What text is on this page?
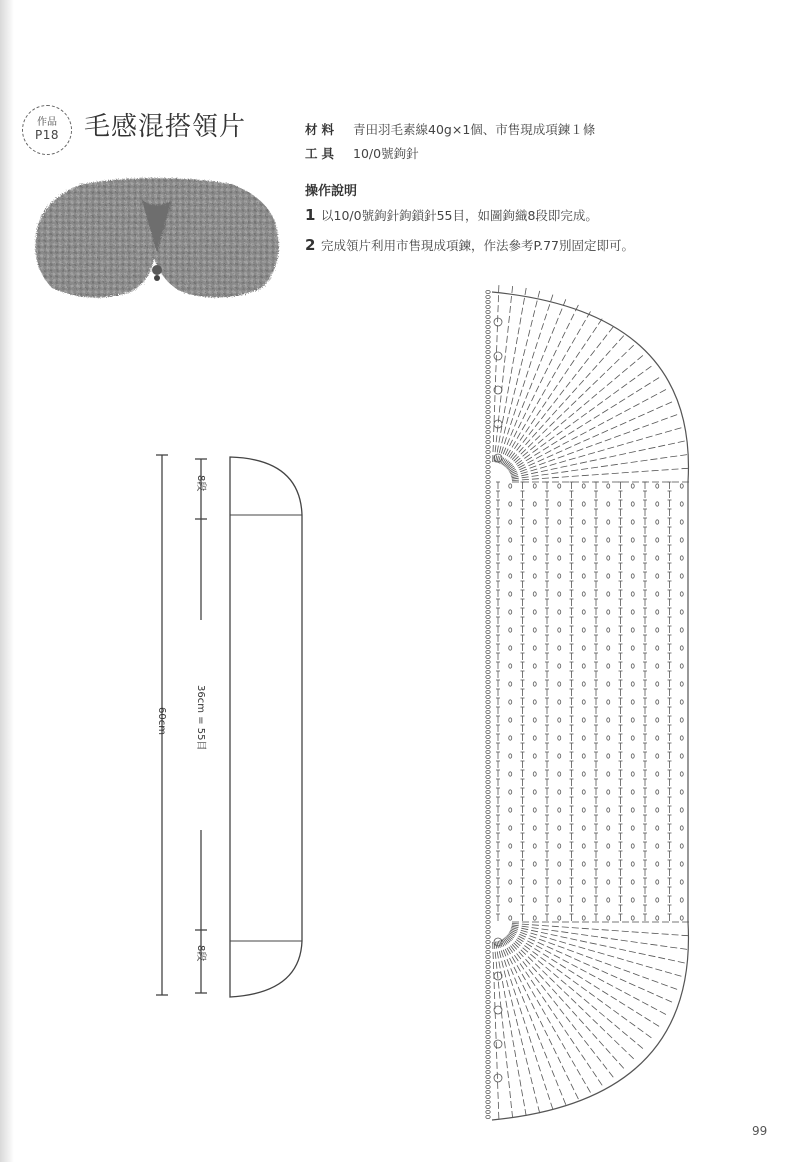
作品
P18 毛感混搭領片	材料	青田羽毛素線40g×1個、市售現成項鍊１條
工具	10/0號鉤針
操作說明
1 以10/0號鉤針鉤鎖針55目，如圖鉤織8段即完成。
2 完成領片利用市售現成項鍊，作法參考P.77別固定即可。
8段
36cm = 55目
60cm
8段
99
